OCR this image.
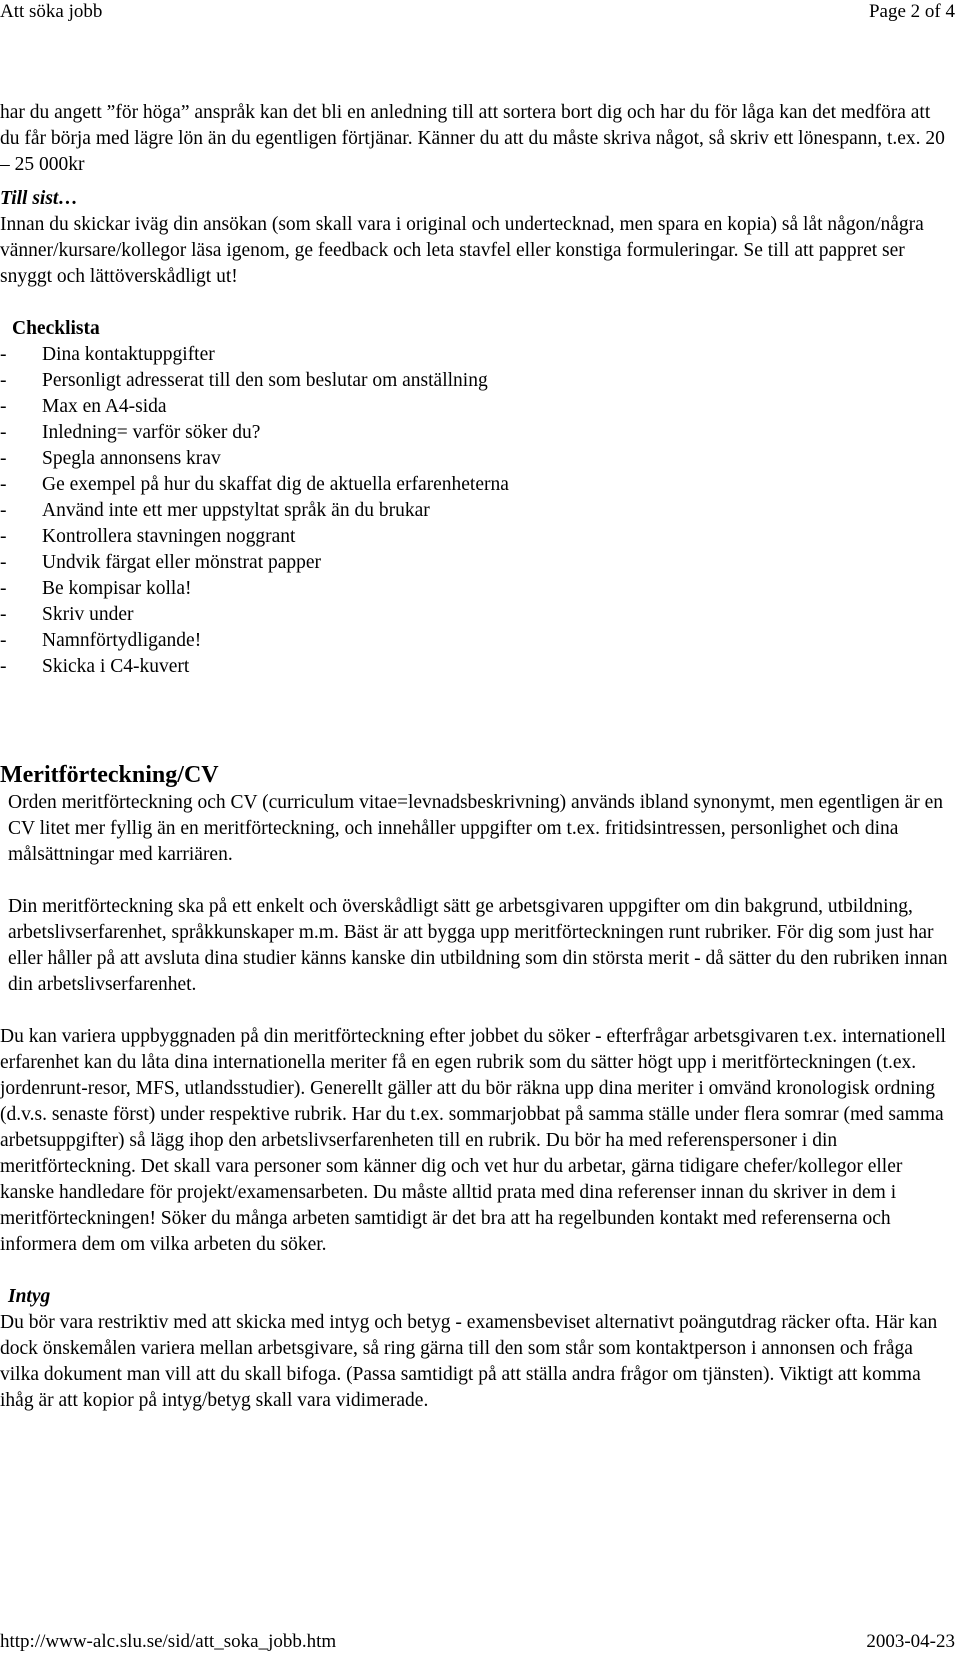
Att söka jobb	Page 2 of 4

har du angett ”för höga” anspråk kan det bli en anledning till att sortera bort dig och har du för låga kan det medföra att du får börja med lägre lön än du egentligen förtjänar. Känner du att du måste skriva något, så skriv ett lönespann, t.ex. 20 – 25 000kr

Till sist…

Innan du skickar iväg din ansökan (som skall vara i original och undertecknad, men spara en kopia) så låt någon/några vänner/kursare/kollegor läsa igenom, ge feedback och leta stavfel eller konstiga formuleringar. Se till att pappret ser snyggt och lättöverskådligt ut!

Checklista

- Dina kontaktuppgifter
- Personligt adresserat till den som beslutar om anställning
- Max en A4-sida
- Inledning= varför söker du?
- Spegla annonsens krav
- Ge exempel på hur du skaffat dig de aktuella erfarenheterna
- Använd inte ett mer uppstyltat språk än du brukar
- Kontrollera stavningen noggrant
- Undvik färgat eller mönstrat papper
- Be kompisar kolla!
- Skriv under
- Namnförtydligande!
- Skicka i C4-kuvert

Meritförteckning/CV

Orden meritförteckning och CV (curriculum vitae=levnadsbeskrivning) används ibland synonymt, men egentligen är en CV litet mer fyllig än en meritförteckning, och innehåller uppgifter om t.ex. fritidsintressen, personlighet och dina målsättningar med karriären.

Din meritförteckning ska på ett enkelt och överskådligt sätt ge arbetsgivaren uppgifter om din bakgrund, utbildning, arbetslivserfarenhet, språkkunskaper m.m. Bäst är att bygga upp meritförteckningen runt rubriker. För dig som just har eller håller på att avsluta dina studier känns kanske din utbildning som din största merit - då sätter du den rubriken innan din arbetslivserfarenhet.

Du kan variera uppbyggnaden på din meritförteckning efter jobbet du söker - efterfrågar arbetsgivaren t.ex. internationell erfarenhet kan du låta dina internationella meriter få en egen rubrik som du sätter högt upp i meritförteckningen (t.ex. jordenrunt-resor, MFS, utlandsstudier). Generellt gäller att du bör räkna upp dina meriter i omvänd kronologisk ordning (d.v.s. senaste först) under respektive rubrik. Har du t.ex. sommarjobbat på samma ställe under flera somrar (med samma arbetsuppgifter) så lägg ihop den arbetslivserfarenheten till en rubrik. Du bör ha med referenspersoner i din meritförteckning. Det skall vara personer som känner dig och vet hur du arbetar, gärna tidigare chefer/kollegor eller kanske handledare för projekt/examensarbeten. Du måste alltid prata med dina referenser innan du skriver in dem i meritförteckningen! Söker du många arbeten samtidigt är det bra att ha regelbunden kontakt med referenserna och informera dem om vilka arbeten du söker.

Intyg

Du bör vara restriktiv med att skicka med intyg och betyg - examensbeviset alternativt poängutdrag räcker ofta. Här kan dock önskemålen variera mellan arbetsgivare, så ring gärna till den som står som kontaktperson i annonsen och fråga vilka dokument man vill att du skall bifoga. (Passa samtidigt på att ställa andra frågor om tjänsten). Viktigt att komma ihåg är att kopior på intyg/betyg skall vara vidimerade.

http://www-alc.slu.se/sid/att_soka_jobb.htm	2003-04-23
